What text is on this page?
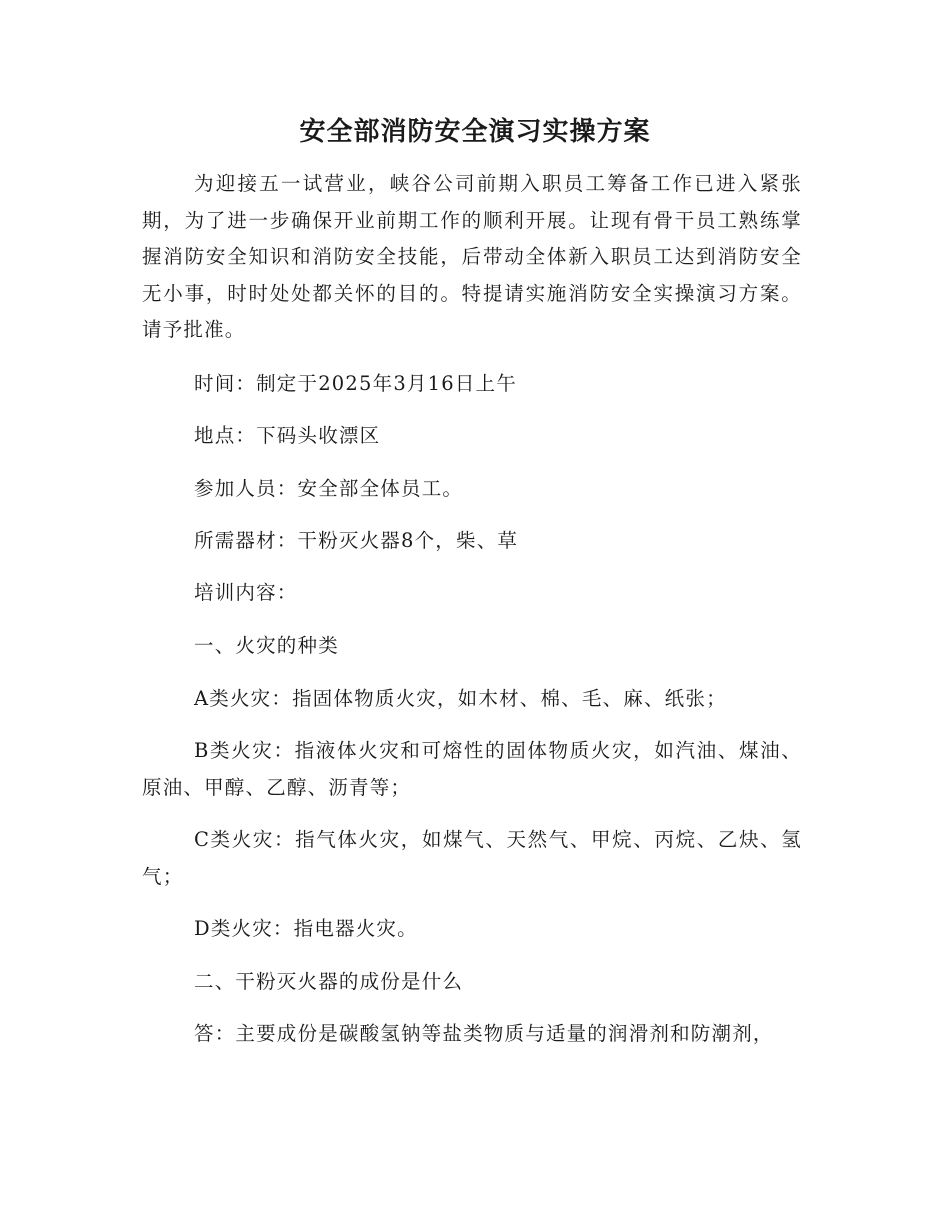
安全部消防安全演习实操方案

为迎接五一试营业，峡谷公司前期入职员工筹备工作已进入紧张期，为了进一步确保开业前期工作的顺利开展。让现有骨干员工熟练掌握消防安全知识和消防安全技能，后带动全体新入职员工达到消防安全无小事，时时处处都关怀的目的。特提请实施消防安全实操演习方案。请予批准。

时间：制定于2025年3月16日上午

地点：下码头收漂区

参加人员：安全部全体员工。

所需器材：干粉灭火器8个，柴、草

培训内容：

一、火灾的种类

A类火灾：指固体物质火灾，如木材、棉、毛、麻、纸张；

B类火灾：指液体火灾和可熔性的固体物质火灾，如汽油、煤油、原油、甲醇、乙醇、沥青等；

C类火灾：指气体火灾，如煤气、天然气、甲烷、丙烷、乙炔、氢气；

D类火灾：指电器火灾。

二、干粉灭火器的成份是什么

答：主要成份是碳酸氢钠等盐类物质与适量的润滑剂和防潮剂，
